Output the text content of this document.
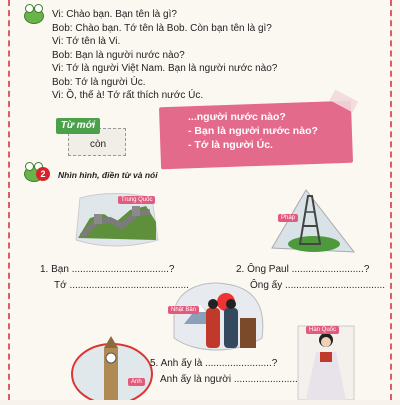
Vi: Chào bạn. Bạn tên là gì?
Bob: Chào bạn. Tớ tên là Bob. Còn bạn tên là gì?
Vi: Tớ tên là Vi.
Bob: Bạn là người nước nào?
Vi: Tớ là người Việt Nam. Bạn là người nước nào?
Bob: Tớ là người Úc.
Vi: Ồ, thế à! Tớ rất thích nước Úc.
Từ mới
còn
...người nước nào?
- Bạn là người nước nào?
- Tớ là người Úc.
2	Nhìn hình, điền từ và nói
Trung Quốc
Pháp
1. Bạn ...................................?
Tớ ...........................................
2. Ông Paul ..........................?
Ông ấy ....................................
Nhật Bản
Hàn Quốc
Anh
5. Anh ấy là ........................?
Anh ấy là người .......................
